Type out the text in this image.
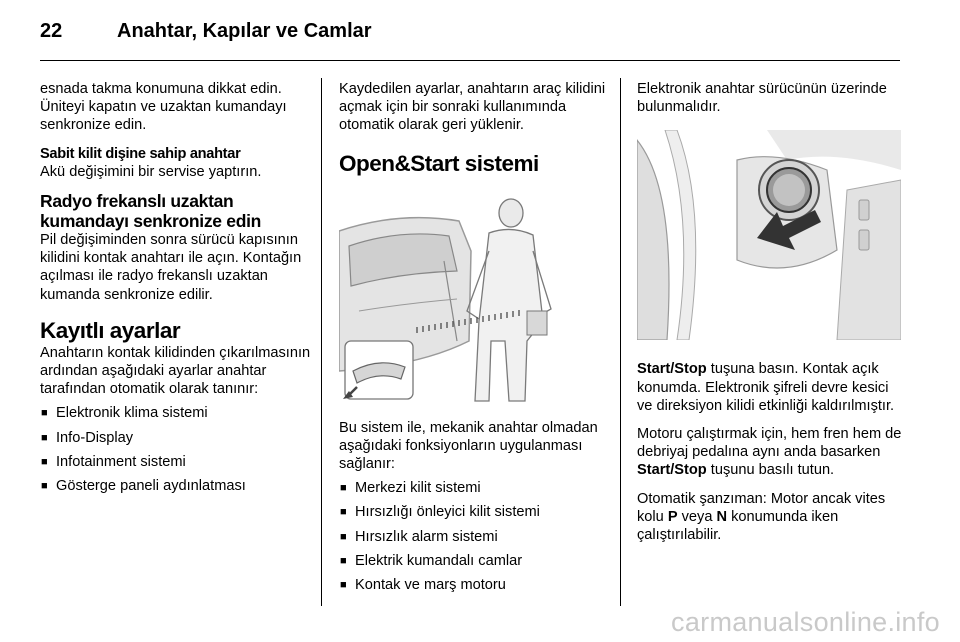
22	Anahtar, Kapılar ve Camlar

esnada takma konumuna dikkat edin. Üniteyi kapatın ve uzaktan kumandayı senkronize edin.

Sabit kilit dişine sahip anahtar

Akü değişimini bir servise yaptırın.

Radyo frekanslı uzaktan kumandayı senkronize edin

Pil değişiminden sonra sürücü kapısının kilidini kontak anahtarı ile açın. Kontağın açılması ile radyo frekanslı uzaktan kumanda senkronize edilir.

Kayıtlı ayarlar

Anahtarın kontak kilidinden çıkarılmasının ardından aşağıdaki ayarlar anahtar tarafından otomatik olarak tanınır:

■ Elektronik klima sistemi
■ Info-Display
■ Infotainment sistemi
■ Gösterge paneli aydınlatması

Kaydedilen ayarlar, anahtarın araç kilidini açmak için bir sonraki kullanımında otomatik olarak geri yüklenir.

Open&Start sistemi

Bu sistem ile, mekanik anahtar olmadan aşağıdaki fonksiyonların uygulanması sağlanır:

■ Merkezi kilit sistemi
■ Hırsızlığı önleyici kilit sistemi
■ Hırsızlık alarm sistemi
■ Elektrik kumandalı camlar
■ Kontak ve marş motoru

Elektronik anahtar sürücünün üzerinde bulunmalıdır.

Start/Stop tuşuna basın. Kontak açık konumda. Elektronik şifreli devre kesici ve direksiyon kilidi etkinliği kaldırılmıştır.

Motoru çalıştırmak için, hem fren hem de debriyaj pedalına aynı anda basarken Start/Stop tuşunu basılı tutun.

Otomatik şanzıman: Motor ancak vites kolu P veya N konumunda iken çalıştırılabilir.

carmanualsonline.info
